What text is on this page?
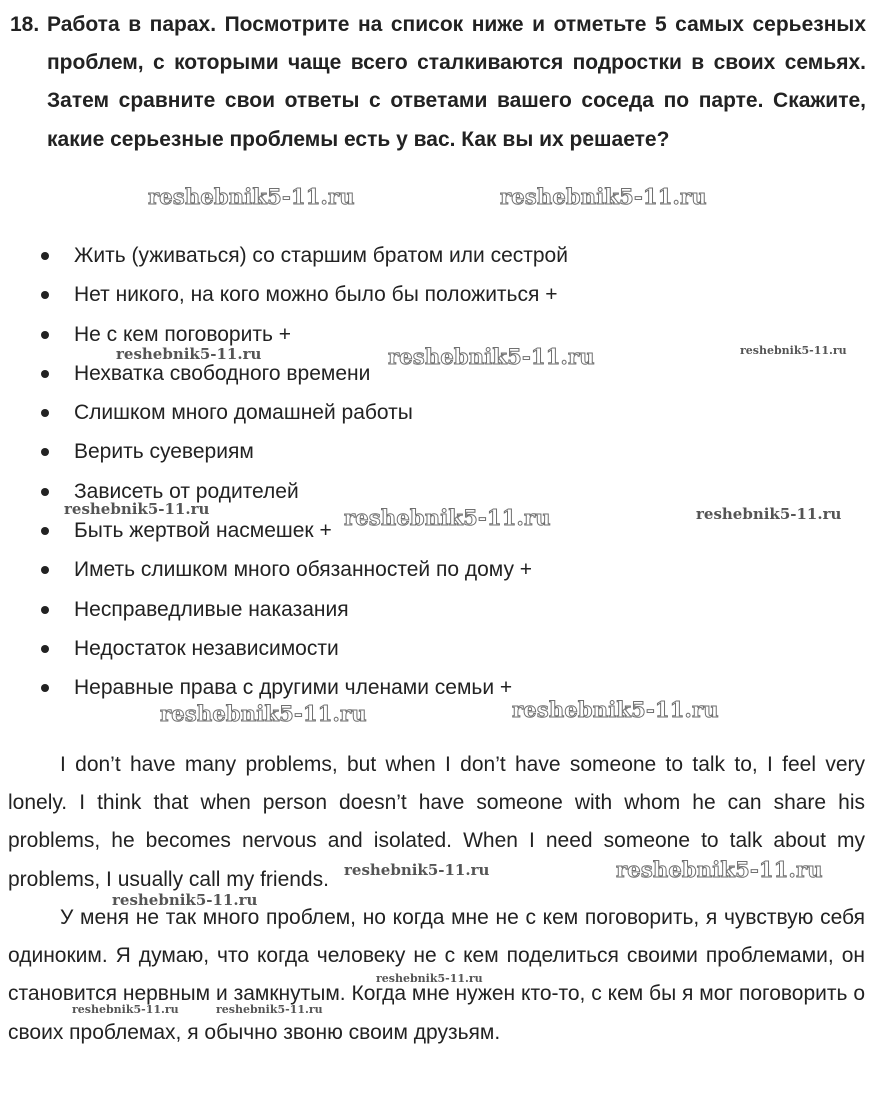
18. Работа в парах. Посмотрите на список ниже и отметьте 5 самых серьезных проблем, с которыми чаще всего сталкиваются подростки в своих семьях. Затем сравните свои ответы с ответами вашего соседа по парте. Скажите, какие серьезные проблемы есть у вас. Как вы их решаете?
Жить (уживаться) со старшим братом или сестрой
Нет никого, на кого можно было бы положиться +
Не с кем поговорить +
Нехватка свободного времени
Слишком много домашней работы
Верить суевериям
Зависеть от родителей
Быть жертвой насмешек +
Иметь слишком много обязанностей по дому +
Несправедливые наказания
Недостаток независимости
Неравные права с другими членами семьи +

I don’t have many problems, but when I don’t have someone to talk to, I feel very lonely. I think that when person doesn’t have someone with whom he can share his problems, he becomes nervous and isolated. When I need someone to talk about my problems, I usually call my friends.

У меня не так много проблем, но когда мне не с кем поговорить, я чувствую себя одиноким. Я думаю, что когда человеку не с кем поделиться своими проблемами, он становится нервным и замкнутым. Когда мне нужен кто-то, с кем бы я мог поговорить о своих проблемах, я обычно звоню своим друзьям.

reshebnik5-11.ru	reshebnik5-11.ru
reshebnik5-11.ru	reshebnik5-11.ru	reshebnik5-11.ru
reshebnik5-11.ru	reshebnik5-11.ru	reshebnik5-11.ru
reshebnik5-11.ru	reshebnik5-11.ru
reshebnik5-11.ru	reshebnik5-11.ru
reshebnik5-11.ru
reshebnik5-11.ru
reshebnik5-11.ru	reshebnik5-11.ru
